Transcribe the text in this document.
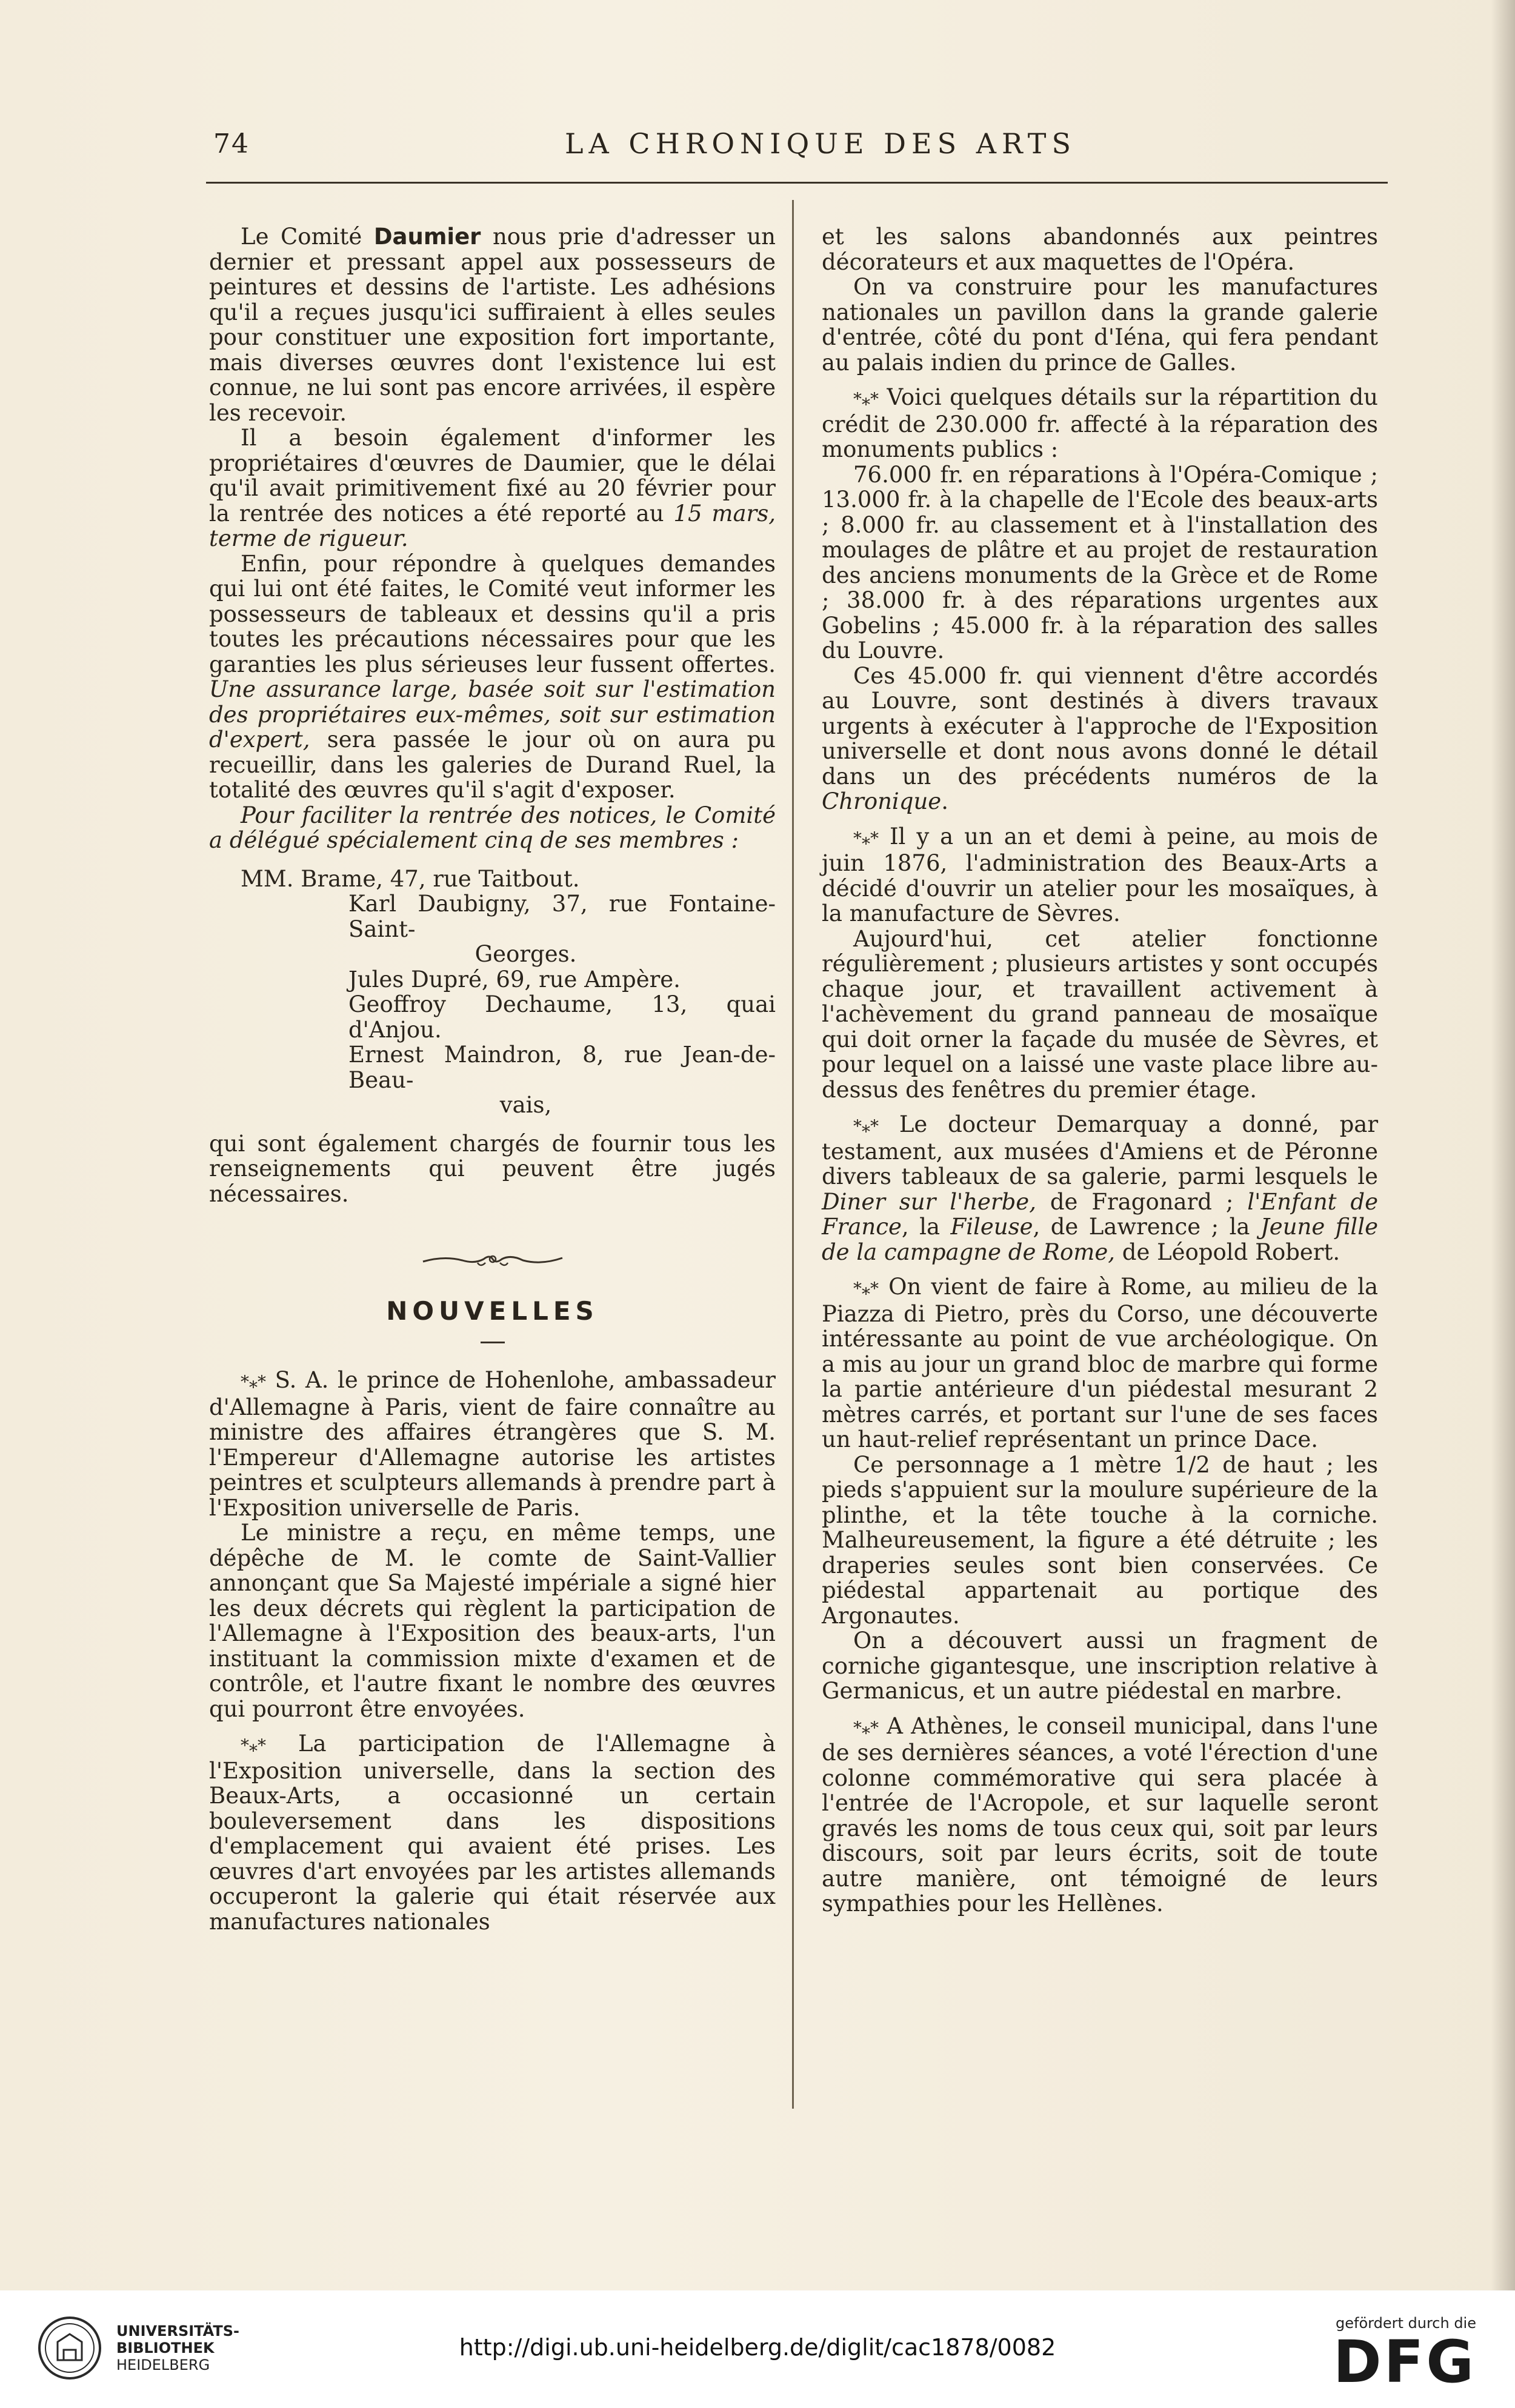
74	LA CHRONIQUE DES ARTS

Le Comité Daumier nous prie d'adresser un dernier et pressant appel aux possesseurs de peintures et dessins de l'artiste. Les adhésions qu'il a reçues jusqu'ici suffiraient à elles seules pour constituer une exposition fort importante, mais diverses œuvres dont l'existence lui est connue, ne lui sont pas encore arrivées, il espère les recevoir.

Il a besoin également d'informer les propriétaires d'œuvres de Daumier, que le délai qu'il avait primitivement fixé au 20 février pour la rentrée des notices a été reporté au 15 mars, terme de rigueur.

Enfin, pour répondre à quelques demandes qui lui ont été faites, le Comité veut informer les possesseurs de tableaux et dessins qu'il a pris toutes les précautions nécessaires pour que les garanties les plus sérieuses leur fussent offertes. Une assurance large, basée soit sur l'estimation des propriétaires eux-mêmes, soit sur estimation d'expert, sera passée le jour où on aura pu recueillir, dans les galeries de Durand Ruel, la totalité des œuvres qu'il s'agit d'exposer.

Pour faciliter la rentrée des notices, le Comité a délégué spécialement cinq de ses membres :

MM. Brame, 47, rue Taitbout.

Karl Daubigny, 37, rue Fontaine-Saint-
Georges.

Jules Dupré, 69, rue Ampère.

Geoffroy Dechaume, 13, quai d'Anjou.

Ernest Maindron, 8, rue Jean-de-Beau-
vais,

qui sont également chargés de fournir tous les renseignements qui peuvent être jugés nécessaires.

NOUVELLES

*⁎* S. A. le prince de Hohenlohe, ambassadeur d'Allemagne à Paris, vient de faire connaître au ministre des affaires étrangères que S. M. l'Empereur d'Allemagne autorise les artistes peintres et sculpteurs allemands à prendre part à l'Exposition universelle de Paris.

Le ministre a reçu, en même temps, une dépêche de M. le comte de Saint-Vallier annonçant que Sa Majesté impériale a signé hier les deux décrets qui règlent la participation de l'Allemagne à l'Exposition des beaux-arts, l'un instituant la commission mixte d'examen et de contrôle, et l'autre fixant le nombre des œuvres qui pourront être envoyées.

*⁎* La participation de l'Allemagne à l'Exposition universelle, dans la section des Beaux-Arts, a occasionné un certain bouleversement dans les dispositions d'emplacement qui avaient été prises. Les œuvres d'art envoyées par les artistes allemands occuperont la galerie qui était réservée aux manufactures nationales

et les salons abandonnés aux peintres décorateurs et aux maquettes de l'Opéra.

On va construire pour les manufactures nationales un pavillon dans la grande galerie d'entrée, côté du pont d'Iéna, qui fera pendant au palais indien du prince de Galles.

*⁎* Voici quelques détails sur la répartition du crédit de 230.000 fr. affecté à la réparation des monuments publics :

76.000 fr. en réparations à l'Opéra-Comique ; 13.000 fr. à la chapelle de l'Ecole des beaux-arts ; 8.000 fr. au classement et à l'installation des moulages de plâtre et au projet de restauration des anciens monuments de la Grèce et de Rome ; 38.000 fr. à des réparations urgentes aux Gobelins ; 45.000 fr. à la réparation des salles du Louvre.

Ces 45.000 fr. qui viennent d'être accordés au Louvre, sont destinés à divers travaux urgents à exécuter à l'approche de l'Exposition universelle et dont nous avons donné le détail dans un des précédents numéros de la Chronique.

*⁎* Il y a un an et demi à peine, au mois de juin 1876, l'administration des Beaux-Arts a décidé d'ouvrir un atelier pour les mosaïques, à la manufacture de Sèvres.

Aujourd'hui, cet atelier fonctionne régulièrement ; plusieurs artistes y sont occupés chaque jour, et travaillent activement à l'achèvement du grand panneau de mosaïque qui doit orner la façade du musée de Sèvres, et pour lequel on a laissé une vaste place libre au-dessus des fenêtres du premier étage.

*⁎* Le docteur Demarquay a donné, par testament, aux musées d'Amiens et de Péronne divers tableaux de sa galerie, parmi lesquels le Diner sur l'herbe, de Fragonard ; l'Enfant de France, la Fileuse, de Lawrence ; la Jeune fille de la campagne de Rome, de Léopold Robert.

*⁎* On vient de faire à Rome, au milieu de la Piazza di Pietro, près du Corso, une découverte intéressante au point de vue archéologique. On a mis au jour un grand bloc de marbre qui forme la partie antérieure d'un piédestal mesurant 2 mètres carrés, et portant sur l'une de ses faces un haut-relief représentant un prince Dace.

Ce personnage a 1 mètre 1/2 de haut ; les pieds s'appuient sur la moulure supérieure de la plinthe, et la tête touche à la corniche. Malheureusement, la figure a été détruite ; les draperies seules sont bien conservées. Ce piédestal appartenait au portique des Argonautes.

On a découvert aussi un fragment de corniche gigantesque, une inscription relative à Germanicus, et un autre piédestal en marbre.

*⁎* A Athènes, le conseil municipal, dans l'une de ses dernières séances, a voté l'érection d'une colonne commémorative qui sera placée à l'entrée de l'Acropole, et sur laquelle seront gravés les noms de tous ceux qui, soit par leurs discours, soit par leurs écrits, soit de toute autre manière, ont témoigné de leurs sympathies pour les Hellènes.

UNIVERSITÄTS-
BIBLIOTHEK
HEIDELBERG
http://digi.ub.uni-heidelberg.de/diglit/cac1878/0082
gefördert durch die
DFG
